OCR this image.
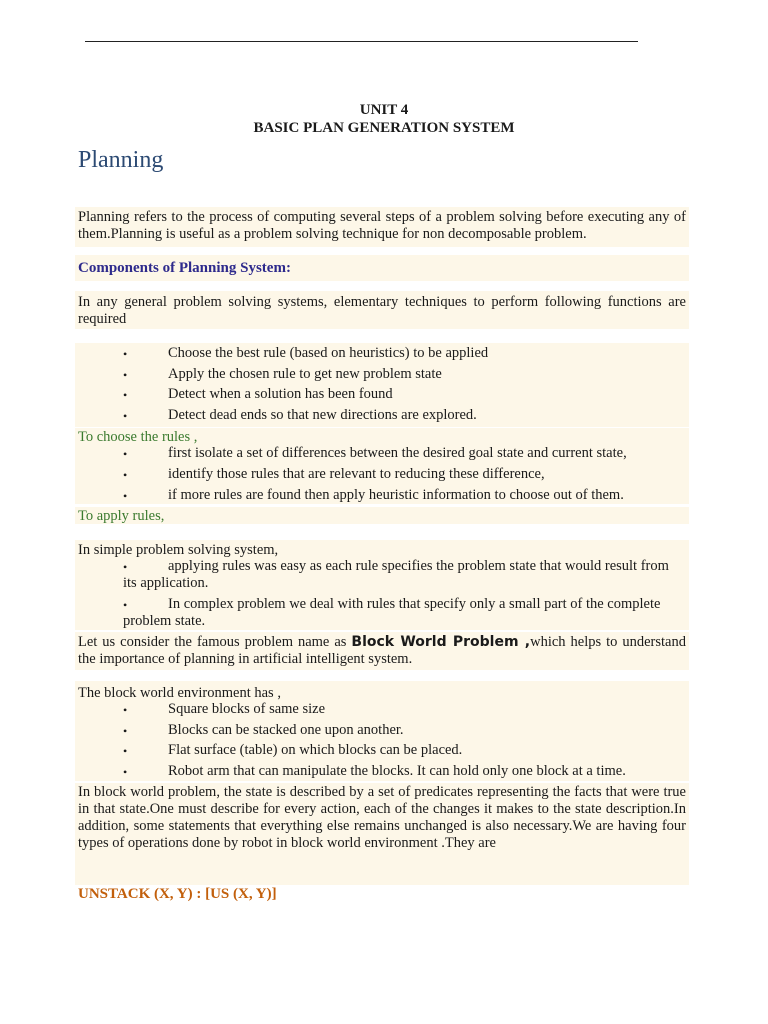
UNIT 4
BASIC PLAN GENERATION SYSTEM
Planning
Planning refers to the process of computing several steps of a problem solving before executing any of them.Planning is useful as a problem solving technique for non decomposable problem.
Components of Planning System:
In any general problem solving systems, elementary techniques to perform following functions are required
•	Choose the best rule (based on heuristics) to be applied
•	Apply the chosen rule to get new problem state
•	Detect when a solution has been found
•	Detect dead ends so that new directions are explored.
To choose the rules ,
•	first isolate a set of differences between the desired goal state and current state,
•	identify those rules that are relevant to reducing these difference,
•	if more rules are found then apply heuristic information to choose out of them.
To apply rules,
In simple problem solving system,
•	applying rules was easy as each rule specifies the problem state that would result from its application.
•	In complex problem we deal with rules that specify only a small part of the complete problem state.
Let us consider the famous problem name as Block World Problem ,which helps to understand the importance of planning in artificial intelligent system.
The block world environment has ,
•	Square blocks of same size
•	Blocks can be stacked one upon another.
•	Flat surface (table) on which blocks can be placed.
•	Robot arm that can manipulate the blocks. It can hold only one block at a time.
In block world problem, the state is described by a set of predicates representing the facts that were true in that state.One must describe for every action, each of the changes it makes to the state description.In addition, some statements that everything else remains unchanged is also necessary.We are having four types of operations done by robot in block world environment .They are
UNSTACK (X, Y) : [US (X, Y)]
